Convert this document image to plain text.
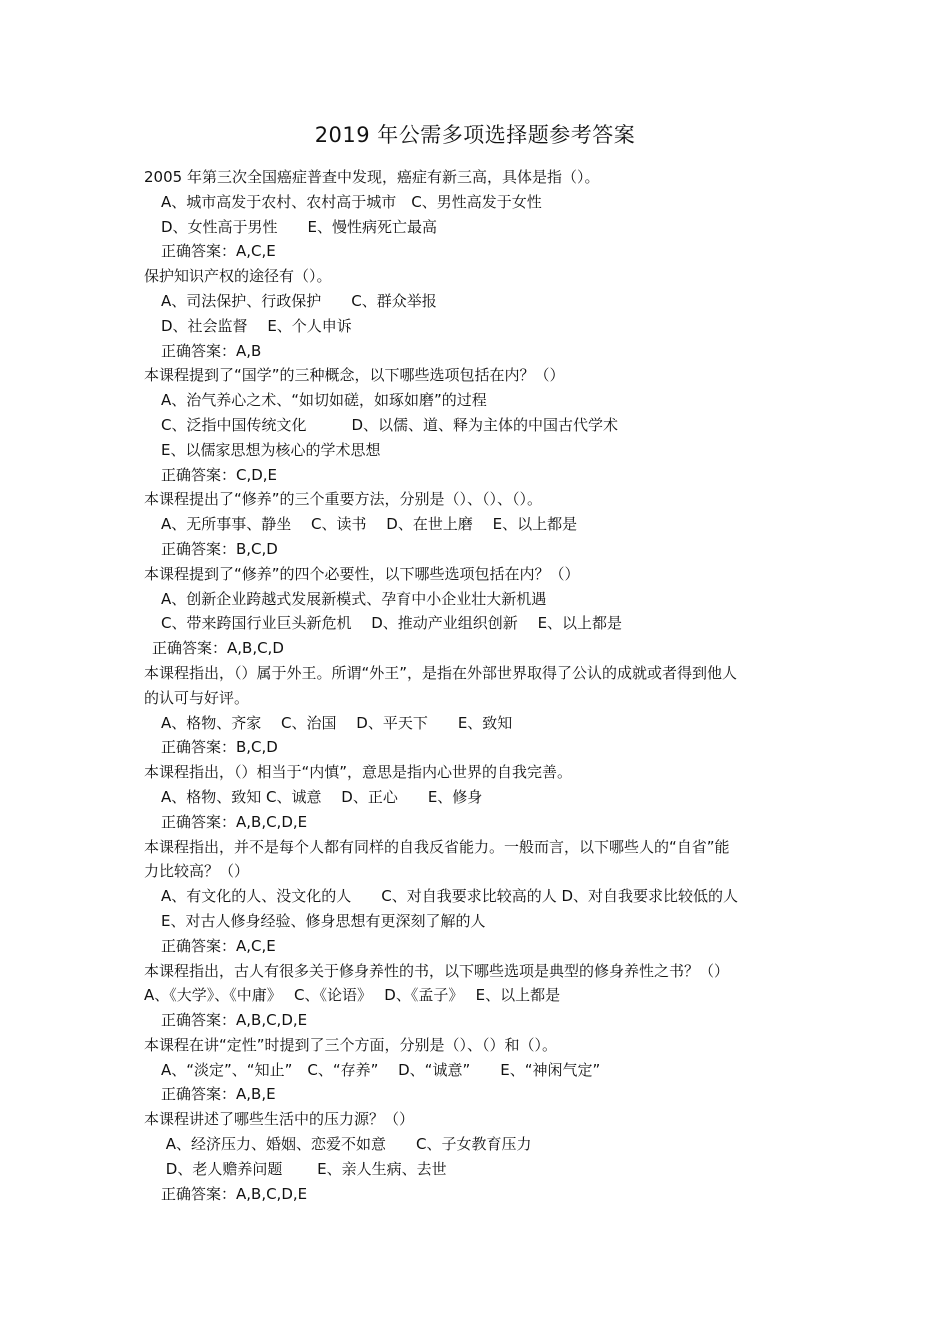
2019 年公需多项选择题参考答案
2005 年第三次全国癌症普查中发现，癌症有新三高，具体是指（）。
A、城市高发于农村、农村高于城市　C、男性高发于女性
D、女性高于男性　　E、慢性病死亡最高
正确答案：A,C,E
保护知识产权的途径有（）。
A、司法保护、行政保护　　C、群众举报
D、社会监督　 E、个人申诉
正确答案：A,B
本课程提到了“国学”的三种概念，以下哪些选项包括在内？（）
A、治气养心之术、“如切如磋，如琢如磨”的过程
C、泛指中国传统文化　　　D、以儒、道、释为主体的中国古代学术
E、以儒家思想为核心的学术思想
正确答案：C,D,E
本课程提出了“修养”的三个重要方法，分别是（）、（）、（）。
A、无所事事、静坐　 C、读书　 D、在世上磨　 E、以上都是
正确答案：B,C,D
本课程提到了“修养”的四个必要性，以下哪些选项包括在内？（）
A、创新企业跨越式发展新模式、孕育中小企业壮大新机遇
C、带来跨国行业巨头新危机　 D、推动产业组织创新　 E、以上都是
正确答案：A,B,C,D
本课程指出，（）属于外王。所谓“外王”，是指在外部世界取得了公认的成就或者得到他人
的认可与好评。
A、格物、齐家　 C、治国　 D、平天下　　E、致知
正确答案：B,C,D
本课程指出，（）相当于“内慎”，意思是指内心世界的自我完善。
A、格物、致知 C、诚意　 D、正心　　E、修身
正确答案：A,B,C,D,E
本课程指出，并不是每个人都有同样的自我反省能力。一般而言，以下哪些人的“自省”能
力比较高？（）
A、有文化的人、没文化的人　　C、对自我要求比较高的人 D、对自我要求比较低的人
E、对古人修身经验、修身思想有更深刻了解的人
正确答案：A,C,E
本课程指出，古人有很多关于修身养性的书，以下哪些选项是典型的修身养性之书？（）
A、《大学》、《中庸》　 C、《论语》　 D、《孟子》　 E、以上都是
正确答案：A,B,C,D,E
本课程在讲“定性”时提到了三个方面，分别是（）、（）和（）。
A、“淡定”、“知止”　C、“存养”　 D、“诚意”　　E、“神闲气定”
正确答案：A,B,E
本课程讲述了哪些生活中的压力源？（）
A、经济压力、婚姻、恋爱不如意　　C、子女教育压力
D、老人赡养问题　　 E、亲人生病、去世
正确答案：A,B,C,D,E
